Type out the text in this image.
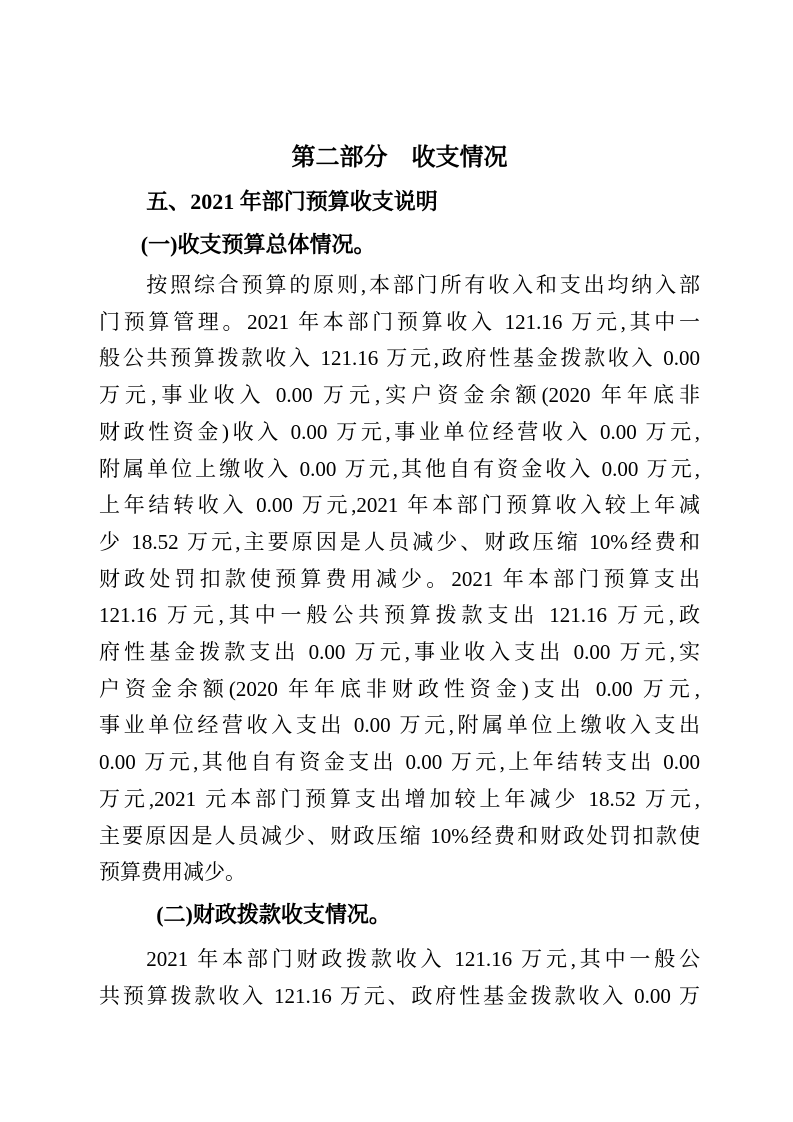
第二部分　收支情况
五、2021 年部门预算收支说明
(一)收支预算总体情况。
按照综合预算的原则,本部门所有收入和支出均纳入部
门预算管理。2021 年本部门预算收入 121.16 万元,其中一
般公共预算拨款收入 121.16 万元,政府性基金拨款收入 0.00
万元,事业收入 0.00 万元,实户资金余额(2020 年年底非
财政性资金)收入 0.00 万元,事业单位经营收入 0.00 万元,
附属单位上缴收入 0.00 万元,其他自有资金收入 0.00 万元,
上年结转收入 0.00 万元,2021 年本部门预算收入较上年减
少 18.52 万元,主要原因是人员减少、财政压缩 10%经费和
财政处罚扣款使预算费用减少。2021 年本部门预算支出
121.16 万元,其中一般公共预算拨款支出 121.16 万元,政
府性基金拨款支出 0.00 万元,事业收入支出 0.00 万元,实
户资金余额(2020 年年底非财政性资金)支出 0.00 万元,
事业单位经营收入支出 0.00 万元,附属单位上缴收入支出
0.00 万元,其他自有资金支出 0.00 万元,上年结转支出 0.00
万元,2021 元本部门预算支出增加较上年减少 18.52 万元,
主要原因是人员减少、财政压缩 10%经费和财政处罚扣款使
预算费用减少。
(二)财政拨款收支情况。
2021 年本部门财政拨款收入 121.16 万元,其中一般公
共预算拨款收入 121.16 万元、政府性基金拨款收入 0.00 万
